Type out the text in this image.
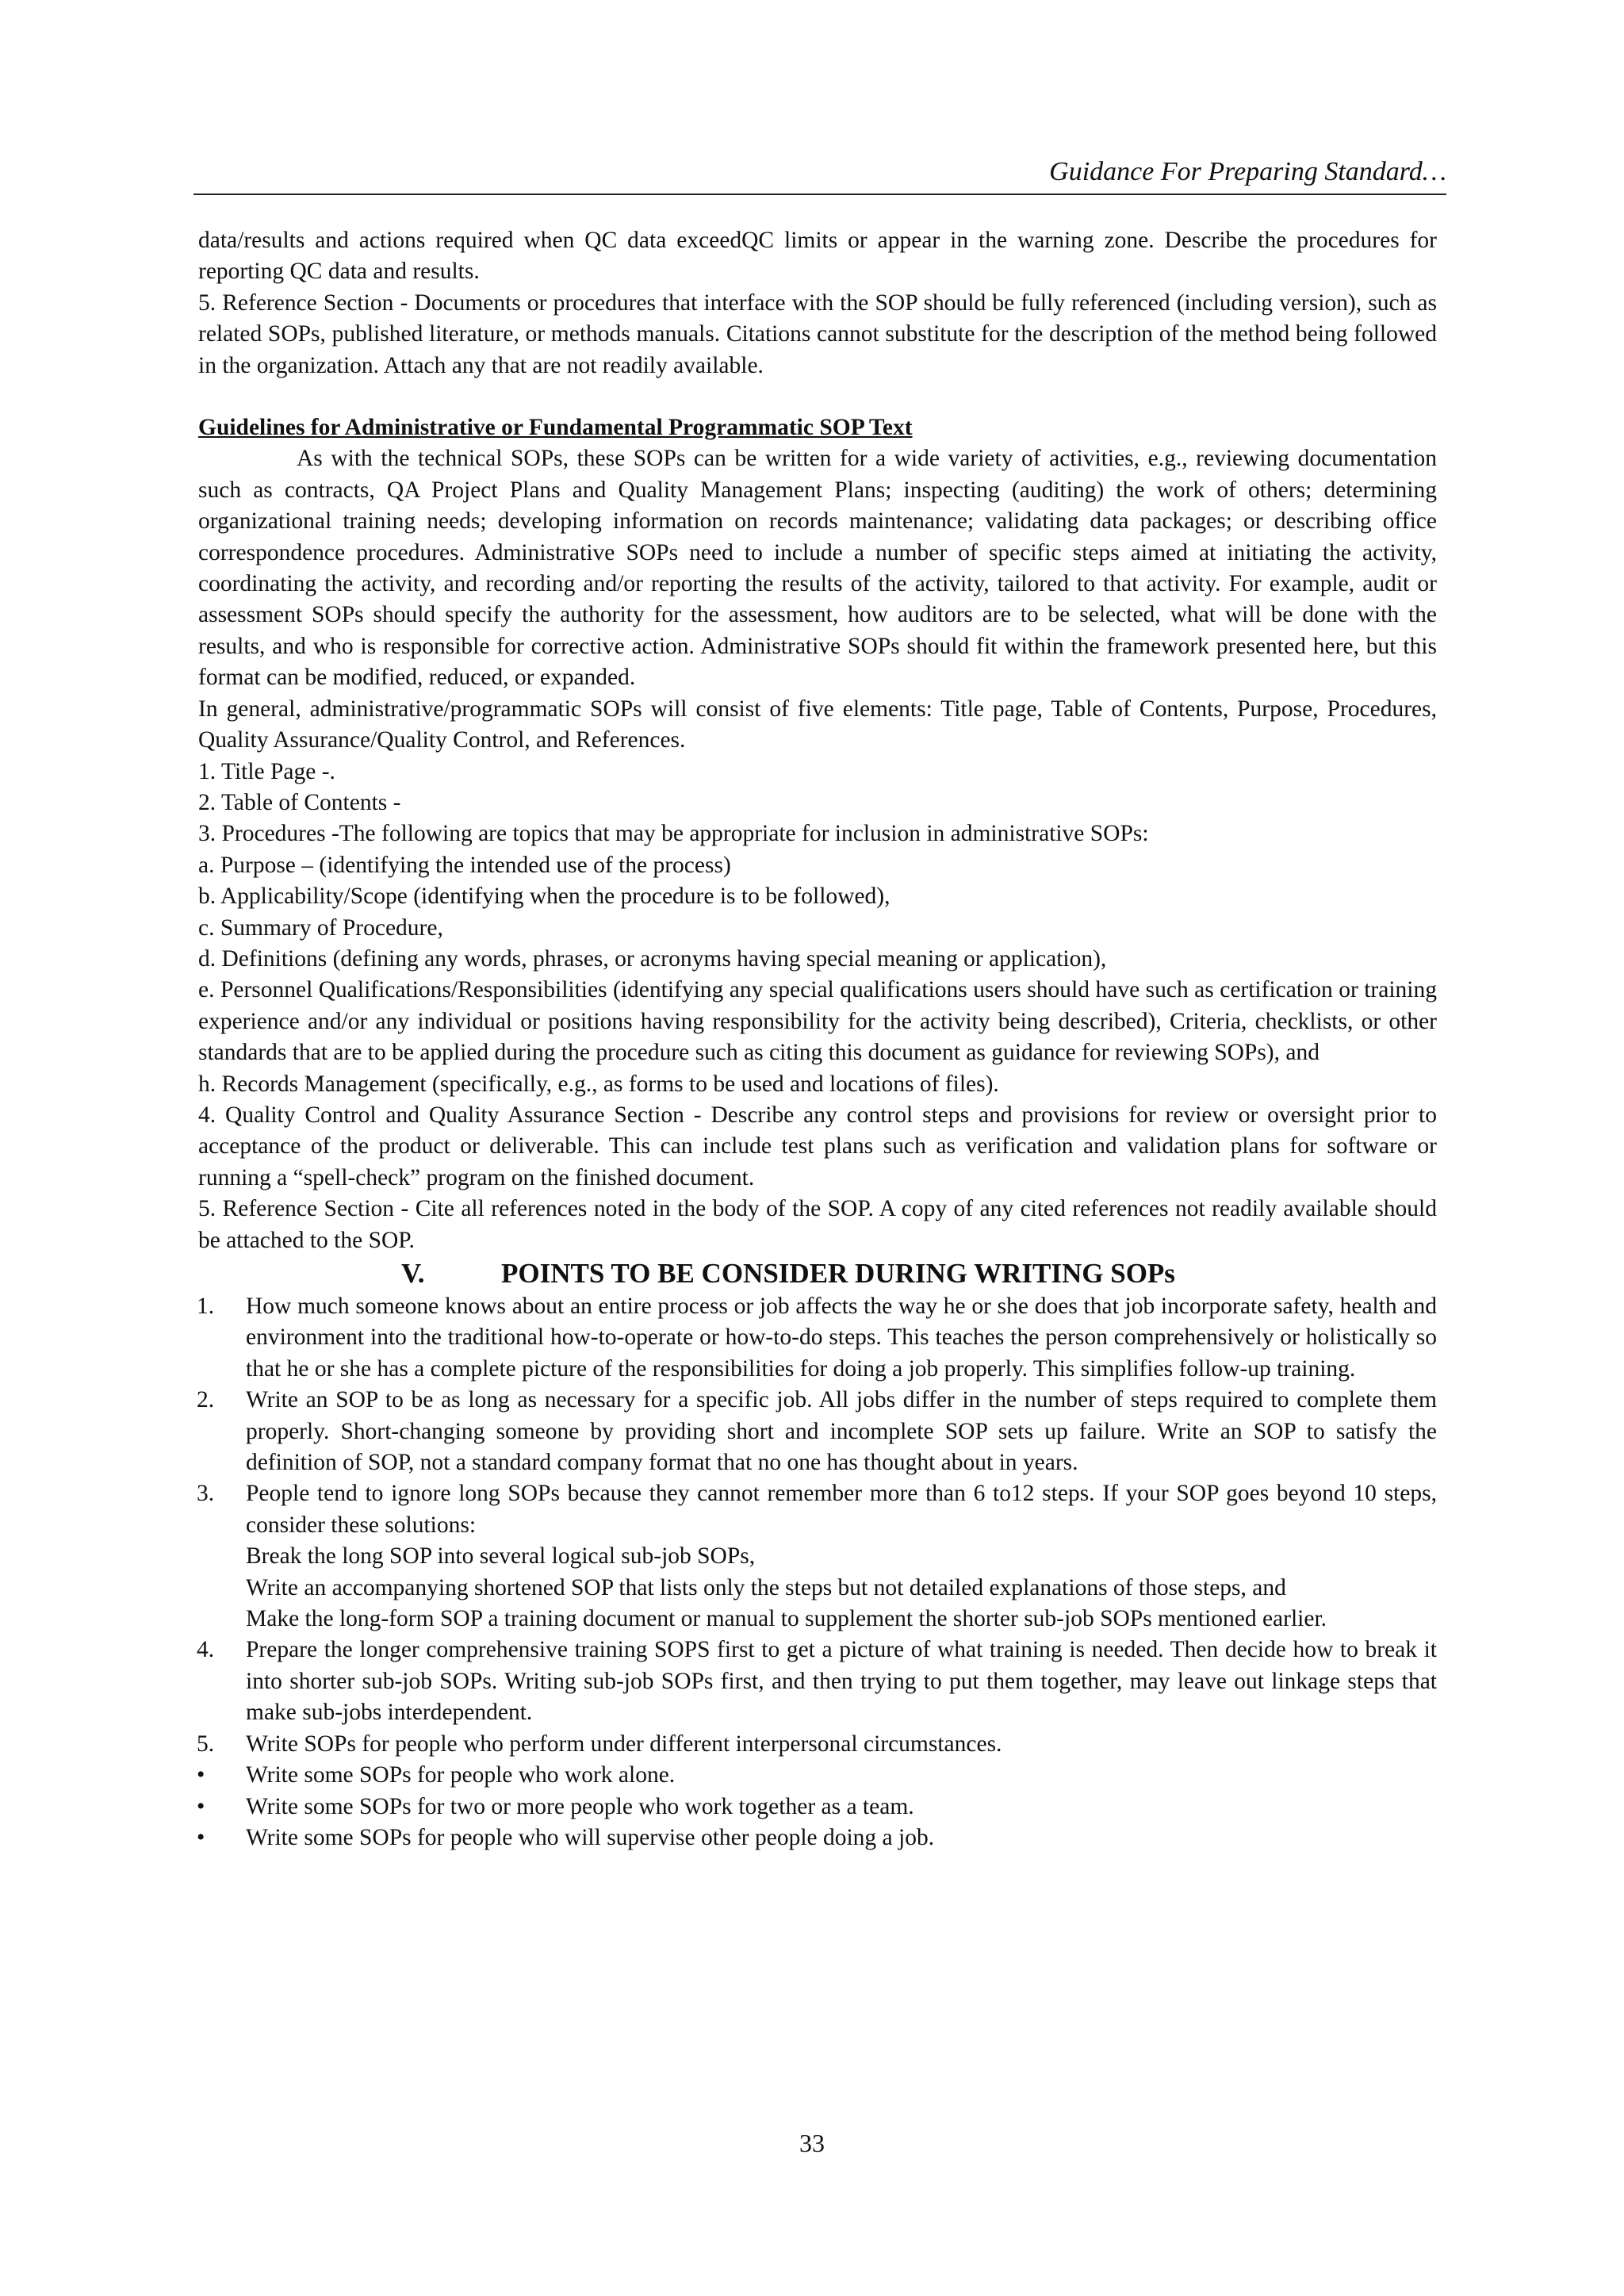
Guidance For Preparing Standard…

data/results and actions required when QC data exceedQC limits or appear in the warning zone. Describe the procedures for reporting QC data and results.

5. Reference Section - Documents or procedures that interface with the SOP should be fully referenced (including version), such as related SOPs, published literature, or methods manuals. Citations cannot substitute for the description of the method being followed in the organization. Attach any that are not readily available.

Guidelines for Administrative or Fundamental Programmatic SOP Text

As with the technical SOPs, these SOPs can be written for a wide variety of activities, e.g., reviewing documentation such as contracts, QA Project Plans and Quality Management Plans; inspecting (auditing) the work of others; determining organizational training needs; developing information on records maintenance; validating data packages; or describing office correspondence procedures. Administrative SOPs need to include a number of specific steps aimed at initiating the activity, coordinating the activity, and recording and/or reporting the results of the activity, tailored to that activity. For example, audit or assessment SOPs should specify the authority for the assessment, how auditors are to be selected, what will be done with the results, and who is responsible for corrective action. Administrative SOPs should fit within the framework presented here, but this format can be modified, reduced, or expanded.

In general, administrative/programmatic SOPs will consist of five elements: Title page, Table of Contents, Purpose, Procedures, Quality Assurance/Quality Control, and References.

1. Title Page -.

2. Table of Contents -

3. Procedures -The following are topics that may be appropriate for inclusion in administrative SOPs:

a. Purpose – (identifying the intended use of the process)

b. Applicability/Scope (identifying when the procedure is to be followed),

c. Summary of Procedure,

d. Definitions (defining any words, phrases, or acronyms having special meaning or application),

e. Personnel Qualifications/Responsibilities (identifying any special qualifications users should have such as certification or training experience and/or any individual or positions having responsibility for the activity being described), Criteria, checklists, or other standards that are to be applied during the procedure such as citing this document as guidance for reviewing SOPs), and

h. Records Management (specifically, e.g., as forms to be used and locations of files).

4. Quality Control and Quality Assurance Section - Describe any control steps and provisions for review or oversight prior to acceptance of the product or deliverable. This can include test plans such as verification and validation plans for software or running a “spell-check” program on the finished document.

5. Reference Section - Cite all references noted in the body of the SOP. A copy of any cited references not readily available should be attached to the SOP.

V.	POINTS TO BE CONSIDER DURING WRITING SOPs

1.	How much someone knows about an entire process or job affects the way he or she does that job incorporate safety, health and environment into the traditional how-to-operate or how-to-do steps. This teaches the person comprehensively or holistically so that he or she has a complete picture of the responsibilities for doing a job properly. This simplifies follow-up training.

2.	Write an SOP to be as long as necessary for a specific job. All jobs differ in the number of steps required to complete them properly. Short-changing someone by providing short and incomplete SOP sets up failure. Write an SOP to satisfy the definition of SOP, not a standard company format that no one has thought about in years.

3.	People tend to ignore long SOPs because they cannot remember more than 6 to12 steps. If your SOP goes beyond 10 steps, consider these solutions:

Break the long SOP into several logical sub-job SOPs,

Write an accompanying shortened SOP that lists only the steps but not detailed explanations of those steps, and

Make the long-form SOP a training document or manual to supplement the shorter sub-job SOPs mentioned earlier.

4.	Prepare the longer comprehensive training SOPS first to get a picture of what training is needed. Then decide how to break it into shorter sub-job SOPs. Writing sub-job SOPs first, and then trying to put them together, may leave out linkage steps that make sub-jobs interdependent.

5.	Write SOPs for people who perform under different interpersonal circumstances.

•	Write some SOPs for people who work alone.

•	Write some SOPs for two or more people who work together as a team.

•	Write some SOPs for people who will supervise other people doing a job.

33
